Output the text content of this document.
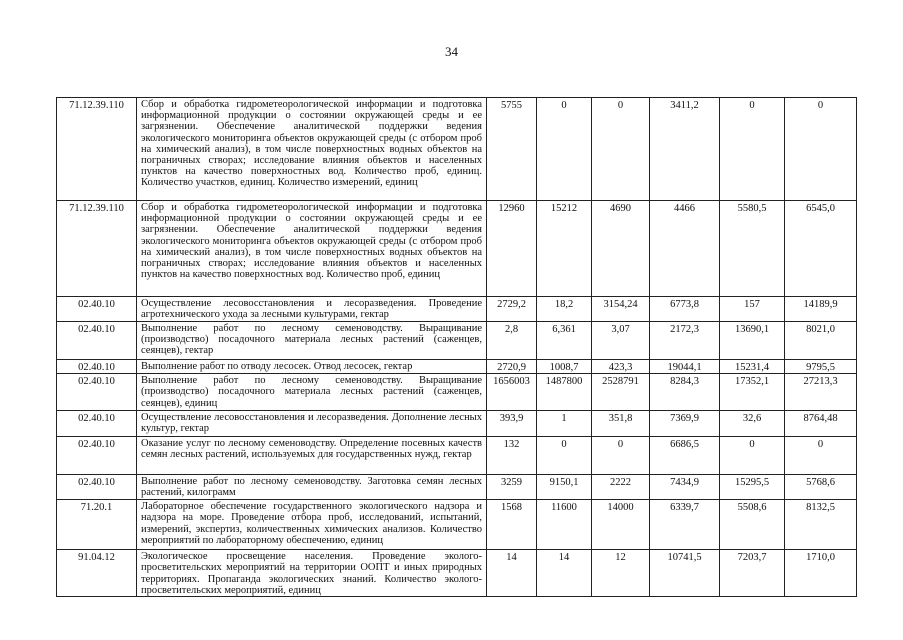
34
71.12.39.110	Сбор и обработка гидрометеорологической информации и подготовка информационной продукции о состоянии окружающей среды и ее загрязнении. Обеспечение аналитической поддержки ведения экологического мониторинга объектов окружающей среды (с отбором проб на химический анализ), в том числе поверхностных водных объектов на пограничных створах; исследование влияния объектов и населенных пунктов на качество поверхностных вод. Количество проб, единиц. Количество участков, единиц. Количество измерений, единиц	5755	0	0	3411,2	0	0
71.12.39.110	Сбор и обработка гидрометеорологической информации и подготовка информационной продукции о состоянии окружающей среды и ее загрязнении. Обеспечение аналитической поддержки ведения экологического мониторинга объектов окружающей среды (с отбором проб на химический анализ), в том числе поверхностных водных объектов на пограничных створах; исследование влияния объектов и населенных пунктов на качество поверхностных вод. Количество проб, единиц	12960	15212	4690	4466	5580,5	6545,0
02.40.10	Осуществление лесовосстановления и лесоразведения. Проведение агротехнического ухода за лесными культурами, гектар	2729,2	18,2	3154,24	6773,8	157	14189,9
02.40.10	Выполнение работ по лесному семеноводству. Выращивание (производство) посадочного материала лесных растений (саженцев, сеянцев), гектар	2,8	6,361	3,07	2172,3	13690,1	8021,0
02.40.10	Выполнение работ по отводу лесосек. Отвод лесосек, гектар	2720,9	1008,7	423,3	19044,1	15231,4	9795,5
02.40.10	Выполнение работ по лесному семеноводству. Выращивание (производство) посадочного материала лесных растений (саженцев, сеянцев), единиц	1656003	1487800	2528791	8284,3	17352,1	27213,3
02.40.10	Осуществление лесовосстановления и лесоразведения. Дополнение лесных культур, гектар	393,9	1	351,8	7369,9	32,6	8764,48
02.40.10	Оказание услуг по лесному семеноводству. Определение посевных качеств семян лесных растений, используемых для государственных нужд, гектар	132	0	0	6686,5	0	0
02.40.10	Выполнение работ по лесному семеноводству. Заготовка семян лесных растений, килограмм	3259	9150,1	2222	7434,9	15295,5	5768,6
71.20.1	Лабораторное обеспечение государственного экологического надзора и надзора на море. Проведение отбора проб, исследований, испытаний, измерений, экспертиз, количественных химических анализов. Количество мероприятий по лабораторному обеспечению, единиц	1568	11600	14000	6339,7	5508,6	8132,5
91.04.12	Экологическое просвещение населения. Проведение эколого-просветительских мероприятий на территории ООПТ и иных природных территориях. Пропаганда экологических знаний. Количество эколого-просветительских мероприятий, единиц	14	14	12	10741,5	7203,7	1710,0
